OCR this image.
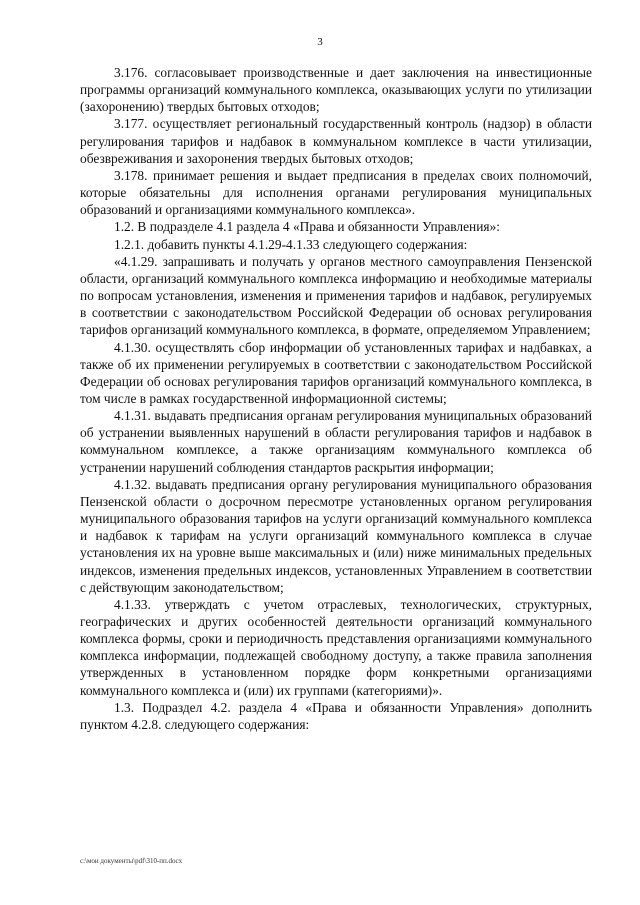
3

3.176. согласовывает производственные и дает заключения на инвестиционные программы организаций коммунального комплекса, оказывающих услуги по утилизации (захоронению) твердых бытовых отходов;

3.177. осуществляет региональный государственный контроль (надзор) в области регулирования тарифов и надбавок в коммунальном комплексе в части утилизации, обезвреживания и захоронения твердых бытовых отходов;

3.178. принимает решения и выдает предписания в пределах своих полномочий, которые обязательны для исполнения органами регулирования муниципальных образований и организациями коммунального комплекса».

1.2. В подразделе 4.1 раздела 4 «Права и обязанности Управления»:

1.2.1. добавить пункты 4.1.29-4.1.33 следующего содержания:

«4.1.29. запрашивать и получать у органов местного самоуправления Пензенской области, организаций коммунального комплекса информацию и необходимые материалы по вопросам установления, изменения и применения тарифов и надбавок, регулируемых в соответствии с законодательством Российской Федерации об основах регулирования тарифов организаций коммунального комплекса, в формате, определяемом Управлением;

4.1.30. осуществлять сбор информации об установленных тарифах и надбавках, а также об их применении регулируемых в соответствии с законодательством Российской Федерации об основах регулирования тарифов организаций коммунального комплекса, в том числе в рамках государственной информационной системы;

4.1.31. выдавать предписания органам регулирования муниципальных образований об устранении выявленных нарушений в области регулирования тарифов и надбавок в коммунальном комплексе, а также организациям коммунального комплекса об устранении нарушений соблюдения стандартов раскрытия информации;

4.1.32. выдавать предписания органу регулирования муниципального образования Пензенской области о досрочном пересмотре установленных органом регулирования муниципального образования тарифов на услуги организаций коммунального комплекса и надбавок к тарифам на услуги организаций коммунального комплекса в случае установления их на уровне выше максимальных и (или) ниже минимальных предельных индексов, изменения предельных индексов, установленных Управлением в соответствии с действующим законодательством;

4.1.33. утверждать с учетом отраслевых, технологических, структурных, географических и других особенностей деятельности организаций коммунального комплекса формы, сроки и периодичность представления организациями коммунального комплекса информации, подлежащей свободному доступу, а также правила заполнения утвержденных в установленном порядке форм конкретными организациями коммунального комплекса и (или) их группами (категориями)».

1.3. Подраздел 4.2. раздела 4 «Права и обязанности Управления» дополнить пунктом 4.2.8. следующего содержания:

c:\мои документы\pdf\310-пп.docx
